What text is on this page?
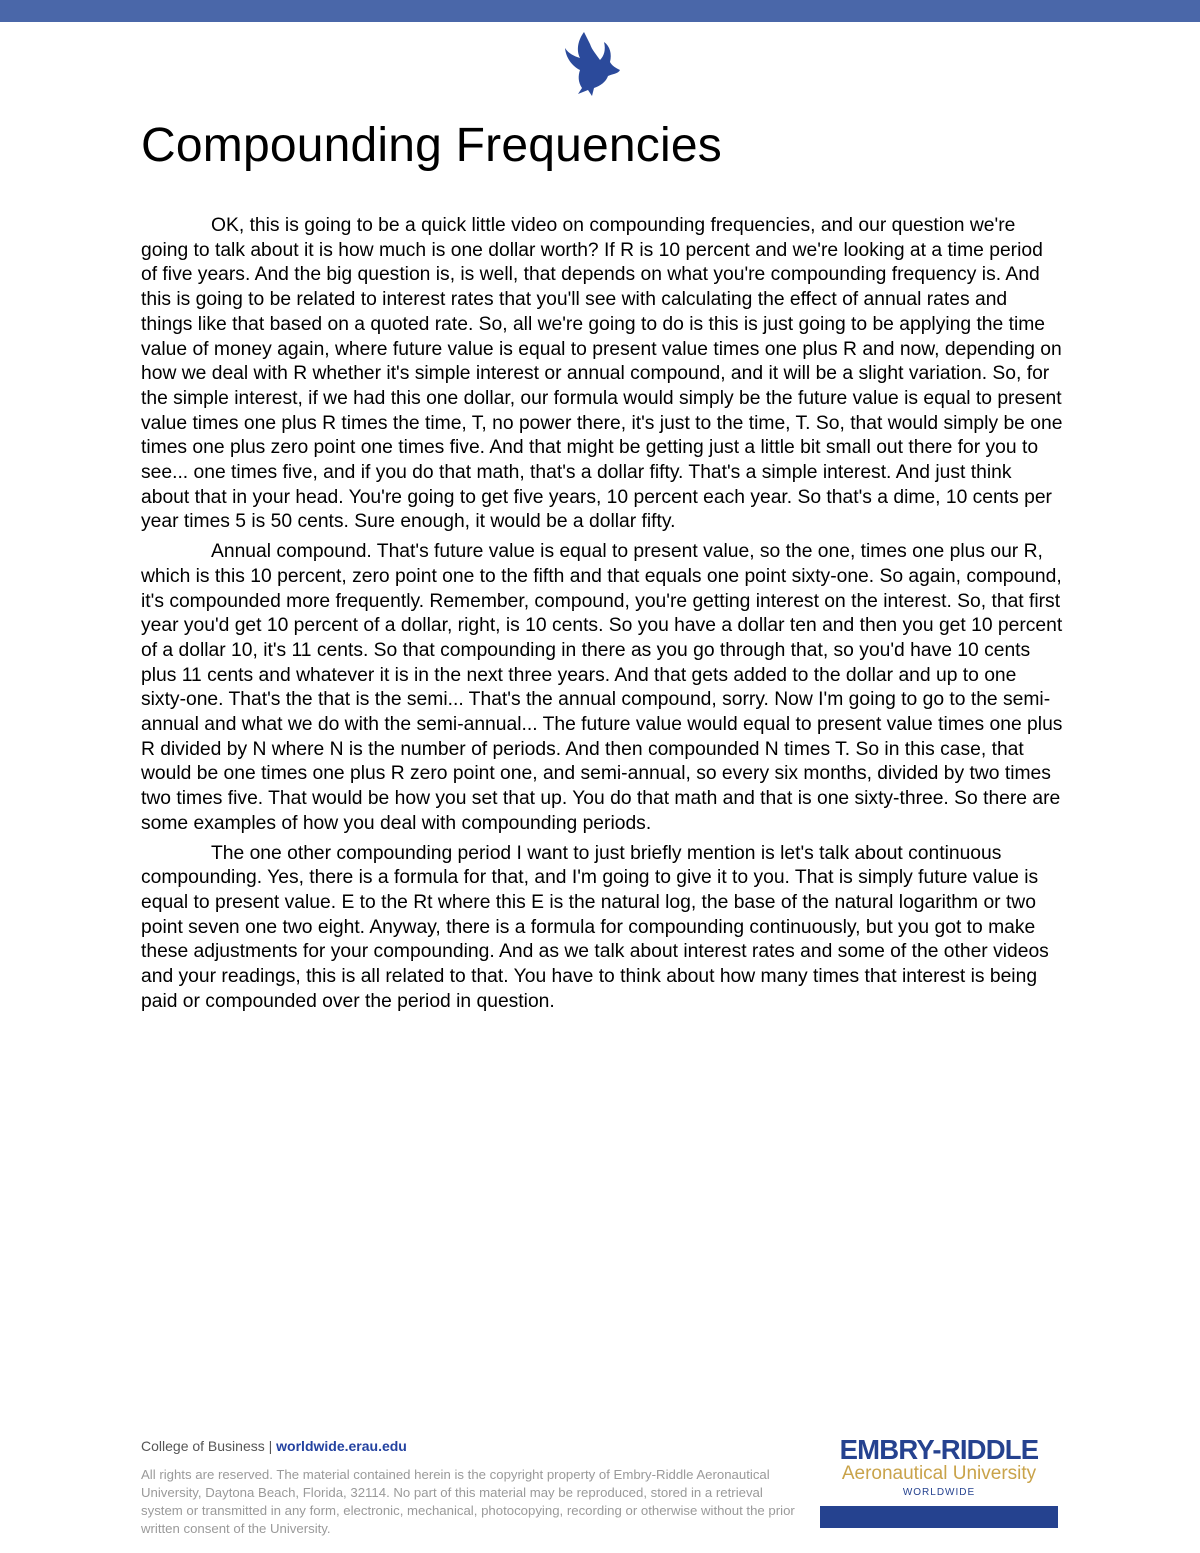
Compounding Frequencies

OK, this is going to be a quick little video on compounding frequencies, and our question we're going to talk about it is how much is one dollar worth? If R is 10 percent and we're looking at a time period of five years. And the big question is, is well, that depends on what you're compounding frequency is. And this is going to be related to interest rates that you'll see with calculating the effect of annual rates and things like that based on a quoted rate. So, all we're going to do is this is just going to be applying the time value of money again, where future value is equal to present value times one plus R and now, depending on how we deal with R whether it's simple interest or annual compound, and it will be a slight variation. So, for the simple interest, if we had this one dollar, our formula would simply be the future value is equal to present value times one plus R times the time, T, no power there, it's just to the time, T. So, that would simply be one times one plus zero point one times five. And that might be getting just a little bit small out there for you to see... one times five, and if you do that math, that's a dollar fifty. That's a simple interest. And just think about that in your head. You're going to get five years, 10 percent each year. So that's a dime, 10 cents per year times 5 is 50 cents. Sure enough, it would be a dollar fifty.

Annual compound. That's future value is equal to present value, so the one, times one plus our R, which is this 10 percent, zero point one to the fifth and that equals one point sixty-one. So again, compound, it's compounded more frequently. Remember, compound, you're getting interest on the interest. So, that first year you'd get 10 percent of a dollar, right, is 10 cents. So you have a dollar ten and then you get 10 percent of a dollar 10, it's 11 cents. So that compounding in there as you go through that, so you'd have 10 cents plus 11 cents and whatever it is in the next three years. And that gets added to the dollar and up to one sixty-one. That's the that is the semi... That's the annual compound, sorry. Now I'm going to go to the semi-annual and what we do with the semi-annual... The future value would equal to present value times one plus R divided by N where N is the number of periods. And then compounded N times T. So in this case, that would be one times one plus R zero point one, and semi-annual, so every six months, divided by two times two times five. That would be how you set that up. You do that math and that is one sixty-three. So there are some examples of how you deal with compounding periods.

The one other compounding period I want to just briefly mention is let's talk about continuous compounding. Yes, there is a formula for that, and I'm going to give it to you. That is simply future value is equal to present value. E to the Rt where this E is the natural log, the base of the natural logarithm or two point seven one two eight. Anyway, there is a formula for compounding continuously, but you got to make these adjustments for your compounding. And as we talk about interest rates and some of the other videos and your readings, this is all related to that. You have to think about how many times that interest is being paid or compounded over the period in question.

College of Business | worldwide.erau.edu
All rights are reserved. The material contained herein is the copyright property of Embry-Riddle Aeronautical University, Daytona Beach, Florida, 32114. No part of this material may be reproduced, stored in a retrieval system or transmitted in any form, electronic, mechanical, photocopying, recording or otherwise without the prior written consent of the University.
EMBRY-RIDDLE
Aeronautical University
WORLDWIDE
